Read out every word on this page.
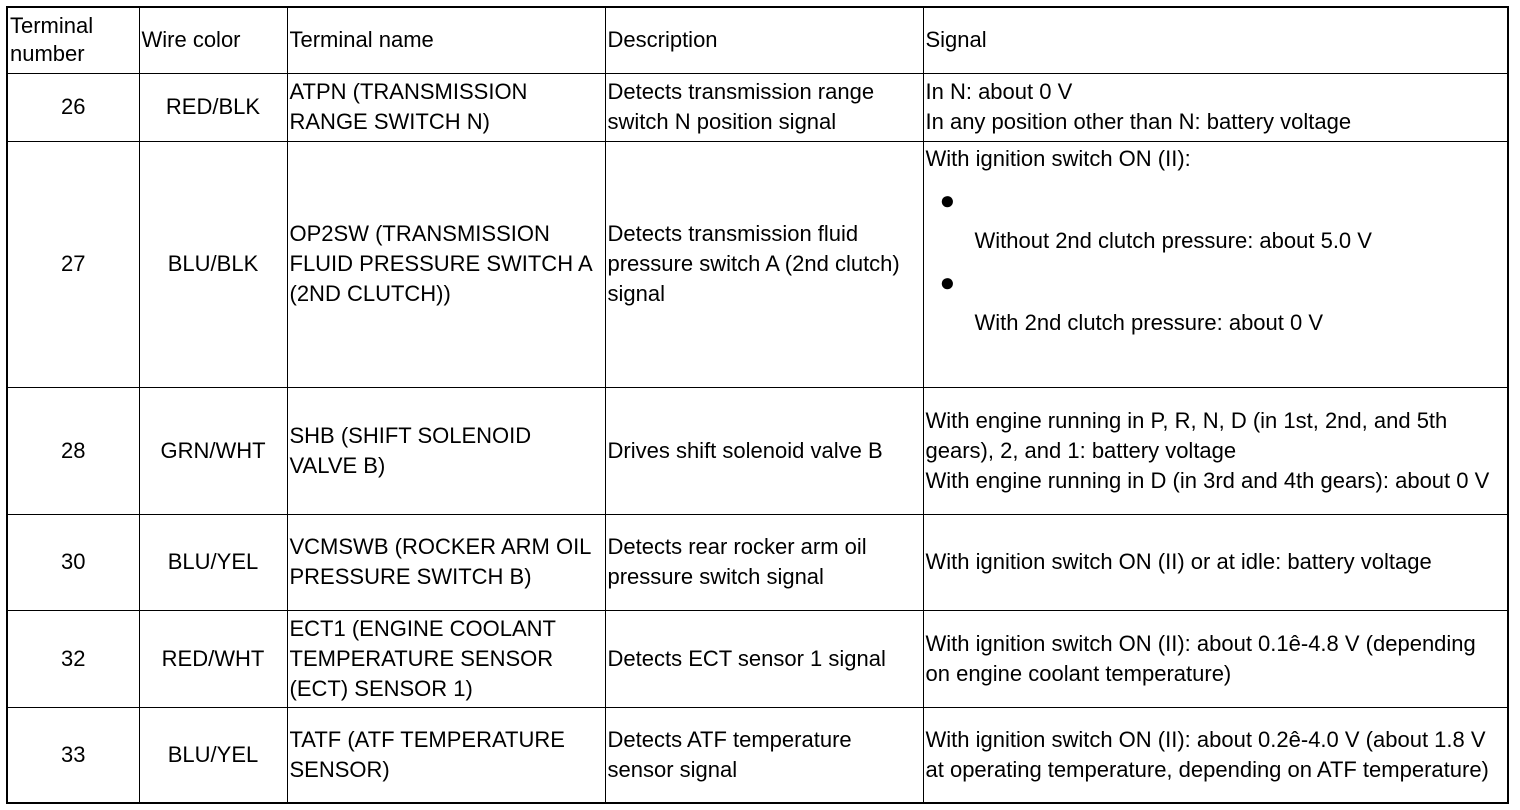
Terminal number	Wire color	Terminal name	Description	Signal
26	RED/BLK	ATPN (TRANSMISSION RANGE SWITCH N)	Detects transmission range switch N position signal	In N: about 0 V
In any position other than N: battery voltage

27	BLU/BLK	OP2SW (TRANSMISSION FLUID PRESSURE SWITCH A (2ND CLUTCH))	Detects transmission fluid pressure switch A (2nd clutch) signal	With ignition switch ON (II):
●
Without 2nd clutch pressure: about 5.0 V
●
With 2nd clutch pressure: about 0 V

28	GRN/WHT	SHB (SHIFT SOLENOID VALVE B)	Drives shift solenoid valve B	With engine running in P, R, N, D (in 1st, 2nd, and 5th gears), 2, and 1: battery voltage
With engine running in D (in 3rd and 4th gears): about 0 V

30	BLU/YEL	VCMSWB (ROCKER ARM OIL PRESSURE SWITCH B)	Detects rear rocker arm oil pressure switch signal	With ignition switch ON (II) or at idle: battery voltage

32	RED/WHT	ECT1 (ENGINE COOLANT TEMPERATURE SENSOR (ECT) SENSOR 1)	Detects ECT sensor 1 signal	With ignition switch ON (II): about 0.1ê-4.8 V (depending on engine coolant temperature)

33	BLU/YEL	TATF (ATF TEMPERATURE SENSOR)	Detects ATF temperature sensor signal	With ignition switch ON (II): about 0.2ê-4.0 V (about 1.8 V at operating temperature, depending on ATF temperature)
